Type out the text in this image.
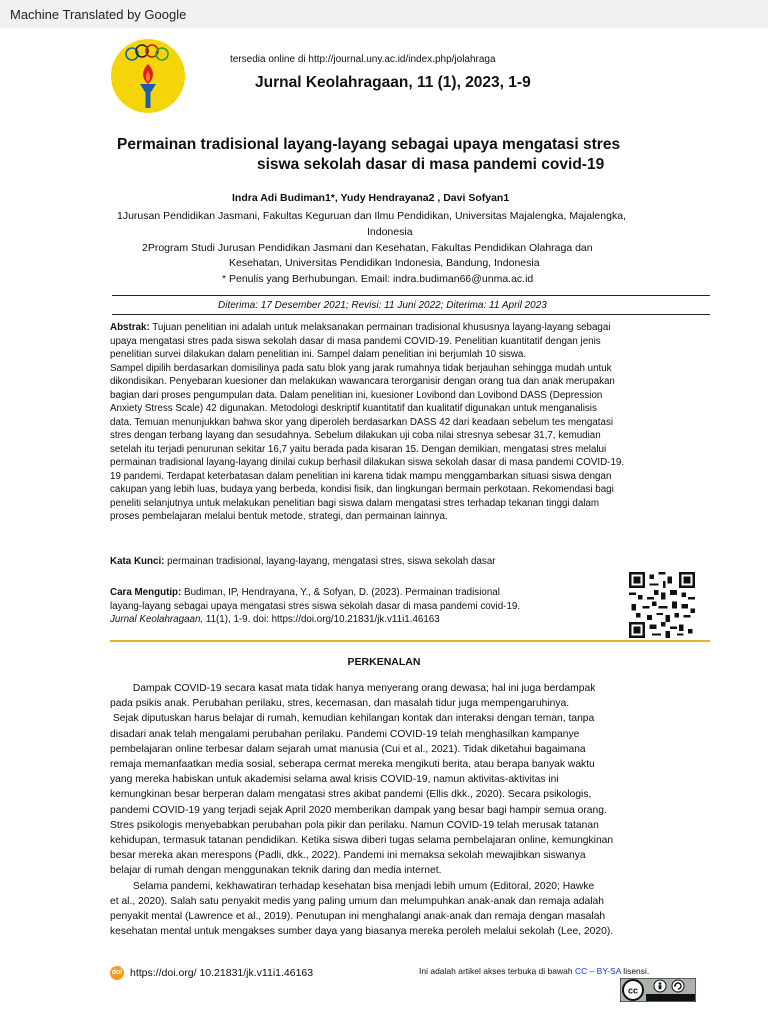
Machine Translated by Google
tersedia online di http://journal.uny.ac.id/index.php/jolahraga
Jurnal Keolahragaan, 11 (1), 2023, 1-9
Permainan tradisional layang-layang sebagai upaya mengatasi stres
siswa sekolah dasar di masa pandemi covid-19
Indra Adi Budiman1*, Yudy Hendrayana2 , Davi Sofyan1
1Jurusan Pendidikan Jasmani, Fakultas Keguruan dan Ilmu Pendidikan, Universitas Majalengka, Majalengka,
Indonesia
2Program Studi Jurusan Pendidikan Jasmani dan Kesehatan, Fakultas Pendidikan Olahraga dan
Kesehatan, Universitas Pendidikan Indonesia, Bandung, Indonesia
* Penulis yang Berhubungan. Email: indra.budiman66@unma.ac.id
Diterima: 17 Desember 2021; Revisi: 11 Juni 2022; Diterima: 11 April 2023
Abstrak: Tujuan penelitian ini adalah untuk melaksanakan permainan tradisional khususnya layang-layang sebagai
upaya mengatasi stres pada siswa sekolah dasar di masa pandemi COVID-19. Penelitian kuantitatif dengan jenis
penelitian survei dilakukan dalam penelitian ini. Sampel dalam penelitian ini berjumlah 10 siswa.
Sampel dipilih berdasarkan domisilinya pada satu blok yang jarak rumahnya tidak berjauhan sehingga mudah untuk
dikondisikan. Penyebaran kuesioner dan melakukan wawancara terorganisir dengan orang tua dan anak merupakan
bagian dari proses pengumpulan data. Dalam penelitian ini, kuesioner Lovibond dan Lovibond DASS (Depression
Anxiety Stress Scale) 42 digunakan. Metodologi deskriptif kuantitatif dan kualitatif digunakan untuk menganalisis
data. Temuan menunjukkan bahwa skor yang diperoleh berdasarkan DASS 42 dari keadaan sebelum tes mengatasi
stres dengan terbang layang dan sesudahnya. Sebelum dilakukan uji coba nilai stresnya sebesar 31,7, kemudian
setelah itu terjadi penurunan sekitar 16,7 yaitu berada pada kisaran 15. Dengan demikian, mengatasi stres melalui
permainan tradisional layang-layang dinilai cukup berhasil dilakukan siswa sekolah dasar di masa pandemi COVID-19.
19 pandemi. Terdapat keterbatasan dalam penelitian ini karena tidak mampu menggambarkan situasi siswa dengan
cakupan yang lebih luas, budaya yang berbeda, kondisi fisik, dan lingkungan bermain perkotaan. Rekomendasi bagi
peneliti selanjutnya untuk melakukan penelitian bagi siswa dalam mengatasi stres terhadap tekanan tinggi dalam
proses pembelajaran melalui bentuk metode, strategi, dan permainan lainnya.
Kata Kunci: permainan tradisional, layang-layang, mengatasi stres, siswa sekolah dasar
Cara Mengutip: Budiman, IP, Hendrayana, Y., & Sofyan, D. (2023). Permainan tradisional
layang-layang sebagai upaya mengatasi stres siswa sekolah dasar di masa pandemi covid-19.
Jurnal Keolahragaan, 11(1), 1-9. doi: https://doi.org/10.21831/jk.v11i1.46163
PERKENALAN
Dampak COVID-19 secara kasat mata tidak hanya menyerang orang dewasa; hal ini juga berdampak
pada psikis anak. Perubahan perilaku, stres, kecemasan, dan masalah tidur juga mempengaruhinya.
Sejak diputuskan harus belajar di rumah, kemudian kehilangan kontak dan interaksi dengan teman, tanpa
disadari anak telah mengalami perubahan perilaku. Pandemi COVID-19 telah menghasilkan kampanye
pembelajaran online terbesar dalam sejarah umat manusia (Cui et al., 2021). Tidak diketahui bagaimana
remaja memanfaatkan media sosial, seberapa cermat mereka mengikuti berita, atau berapa banyak waktu
yang mereka habiskan untuk akademisi selama awal krisis COVID-19, namun aktivitas-aktivitas ini
kemungkinan besar berperan dalam mengatasi stres akibat pandemi (Ellis dkk., 2020). Secara psikologis,
pandemi COVID-19 yang terjadi sejak April 2020 memberikan dampak yang besar bagi hampir semua orang.
Stres psikologis menyebabkan perubahan pola pikir dan perilaku. Namun COVID-19 telah merusak tatanan
kehidupan, termasuk tatanan pendidikan. Ketika siswa diberi tugas selama pembelajaran online, kemungkinan
besar mereka akan merespons (Padli, dkk., 2022). Pandemi ini memaksa sekolah mewajibkan siswanya
belajar di rumah dengan menggunakan teknik daring dan media internet.
Selama pandemi, kekhawatiran terhadap kesehatan bisa menjadi lebih umum (Editoral, 2020; Hawke
et al., 2020). Salah satu penyakit medis yang paling umum dan melumpuhkan anak-anak dan remaja adalah
penyakit mental (Lawrence et al., 2019). Penutupan ini menghalangi anak-anak dan remaja dengan masalah
kesehatan mental untuk mengakses sumber daya yang biasanya mereka peroleh melalui sekolah (Lee, 2020).
doi https://doi.org/ 10.21831/jk.v11i1.46163	Ini adalah artikel akses terbuka di bawah CC – BY-SA lisensi.
cc
